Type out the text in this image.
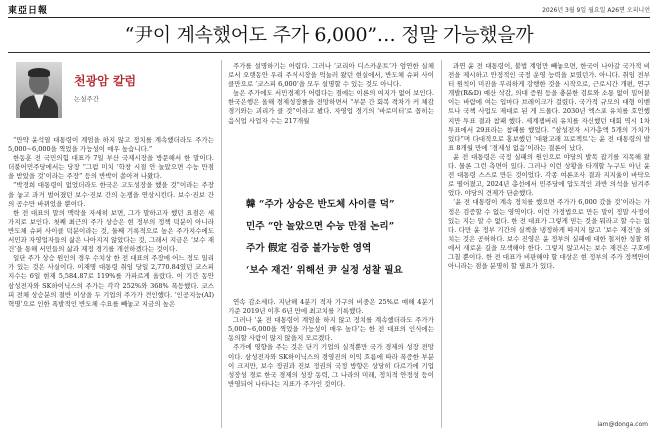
東亞日報	2026년 3월 9일 월요일 A26면 오피니언
“尹이 계속했어도 주가 6,000”… 정말 가능했을까
천광암 칼럼
논설주간

“만약 윤석열 대통령이 계엄을 하지 않고 정치를 계속했더라도 주가는 5,000∼6,000을 찍었을 가능성이 매우 높습니다.”

한동훈 전 국민의힘 대표가 7일 부산 국제시장을 방문해서 한 말이다. 더불어민주당에서는 당장 “그럼 미치 ‘학창 시절 안 놀았으면 수능 만점을 받았을 것’이라는 주장” 등의 반박이 쏟아져 나왔다.

“박정희 대통령이 없었더라도 한국은 고도성장을 했을 것”이라는 주장을 놓고 과거 벌어졌던 보수·진보 간의 논쟁을 연상시킨다. 보수·진보 간의 공수만 바뀌었을 뿐이다.

한 전 대표의 말의 맥락을 자세히 보면, 그가 말하고자 했던 요점은 세 가지로 보인다. 첫째 최근의 주가 상승은 현 정부의 정책 덕분이 아니라 반도체 슈퍼 사이클 덕분이라는 것, 둘째 기록적으로 높은 주가지수에도 서민과 자영업자들의 삶은 나아지지 않았다는 것, 그래서 지금은 ‘보수 재건’을 통해 서민들의 삶과 재정 경기를 개선하겠다는 것이다.

일단 주가 상승 원인의 경우 수치상 한 전 대표의 주장에 어느 정도 일리가 있는 것은 사실이다. 이재명 대통령 취임 당일 2,770.84였던 코스피 지수는 6일 현재 5,584.87로 119%를 가파르게 올랐다. 이 기간 동안 삼성전자와 SK하이닉스의 주가는 각각 252%와 368% 폭등했다. 코스피 전체 상승분의 절반 이상을 두 기업의 주가가 견인했다. ‘인공지능(AI) 혁명’으로 인한 폭발적인 반도체 수요를 빼놓고 지금의 높은

주가를 설명하기는 어렵다. 그러나 ‘코리아 디스카운트’가 엄연한 실체로서 오랫동안 우리 주식시장을 억눌러 왔던 현실에서, 반도체 슈퍼 사이클만으로 ‘코스피 6,000’을 모두 설명할 수 있는 것도 아니다.

높은 주가에도 서민경제가 어렵다는 점에는 이론의 여지가 없어 보인다. 한국은행은 올해 경제성장률을 전망하면서 “부문 간 회복 격차가 커 체감경기와는 괴리가 클 것”이라고 봤다. 자영업 경기의 ‘바로미터’로 꼽히는 음식업 사업자 수는 217개월

韓 “주가 상승은 반도체 사이클 덕”
민주 “안 놀았으면 수능 만점 논리”
주가 假定 검증 불가능한 영역
‘보수 재건’ 위해선 尹 실정 성찰 필요

연속 감소세다. 지난해 4분기 적자 가구의 비중은 25%로 매해 4분기 기준 2019년 이후 6년 만에 최고치를 기록했다.

그러나 ‘윤 전 대통령이 계엄을 하지 않고 정치를 계속했더라도 주가가 5,000∼6,000을 찍었을 가능성이 매우 높다’는 한 전 대표의 인식에는 동의할 사람이 많지 않을지 모르겠다.

주가에 영향을 주는 것은 단기 기업의 실적뿐만 국가 경제의 성장 전망이다. 삼성전자와 SK하이닉스의 경영진의 이익 흐름에 따라 폭증한 부분이 크지만, 보수 정권과 진보 정권의 국정 방향은 상당히 다르기에 기업 성장성 경로 한국 경제의 성장 동력, 그 나라의 미래, 정치적 안정성 등이 반영되어 나타나는 지표가 주가인 것이다.

과연 윤 전 대통령이, 불법 계엄만 빼놓으면, 한국이 나아갈 국가적 비전을 제시하고 안정적인 국정 운영 능력을 보였던가. 아니다. 취임 전부터 원칙이 미진을 무리하게 강행한 것을 시작으로, 근로시간 개편, 연구개발(R&D) 예산 삭감, 의대 증원 등을 충분한 검토와 소통 없이 밀어붙이는 바람에 여는 입마다 브레이크가 걸렸다. 국가적 규모의 대형 이벤트나 국책 사업도 제대로 된 게 드물다. 2030년 엑스포 유치를 호언했지만 투표 결과 참패 했다. 세계잼버리 유치를 자신했던 대회 역시 1차 투표에서 29표라는 참패를 했었다. “삼성전자 시가총액 5개의 가치가 있다”며 다대적으로 홍보했던 ‘대왕고래 프로젝트’는 윤 전 대통령의 발표 8개월 만에 ‘경제성 없음’이라는 결론이 났다.

윤 전 대통령은 국정 실패의 원인으로 야당의 발목 잡기를 지목해 왔다. 물론 그런 측면이 있다. 그러나 이런 상황을 타개할 누구도 아닌 윤 전 대통령 스스로 만든 것이었다. 각종 여론조사 결과 지지율이 바닥으로 떨어졌고, 2024년 총선에서 민주당에 압도적인 과반 의석을 넘겨주었다. 야당의 견제가 단순했다.

‘윤 전 대통령이 계속 정치를 했으면 주가가 6,000 갔을 것’이라는 가정은 검증할 수 없는 영역이다. 이런 가정법으로 만든 말이 정말 사정이 있는 지는 알 수 없다. 한 전 대표가 그렇게 믿는 것을 뭐라고 할 수는 없다. 다만 윤 정부 기간의 실책을 냉정하게 따지지 않고 ‘보수 재건’을 외치는 것은 공허하다. 보수 진영은 윤 정부의 실패에 대한 철저한 성찰 위에서 새로운 길을 모색해야 한다. 그렇지 않고서는 보수 재건은 구호에 그칠 뿐이다. 한 전 대표가 비판해야 할 대상은 현 정부의 주가 정책만이 아니라는 점을 분명히 할 필요가 있다.

iam@donga.com
